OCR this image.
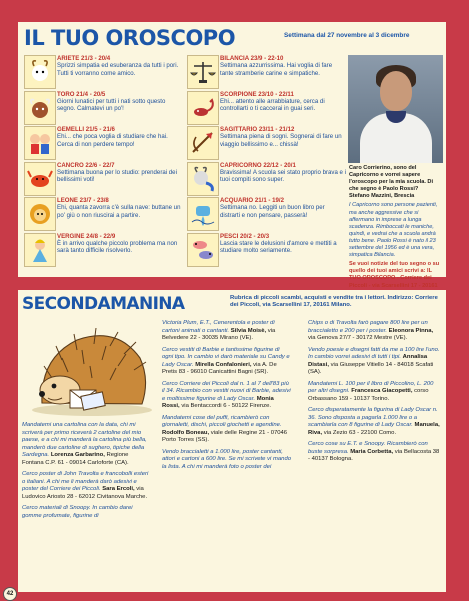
IL TUO OROSCOPO	Settimana dal 27 novembre al 3 dicembre
ARIETE 21/3 - 20/4
Sprizzi simpatia ed esuberanza da tutti i pori. Tutti ti vorranno come amico.
TORO 21/4 - 20/5
Giorni lunatici per tutti i nati sotto questo segno. Calmatevi un po'!
GEMELLI 21/5 - 21/6
Ehi... che poca voglia di studiare che hai. Cerca di non perdere tempo!
CANCRO 22/6 - 22/7
Settimana buona per lo studio: prenderai dei bellissimi voti!
LEONE 23/7 - 23/8
Ehi, quanta zavorra c'è sulla nave: buttane un po' giù o non riuscirai a partire.
VERGINE 24/8 - 22/9
È in arrivo qualche piccolo problema ma non sarà tanto difficile risolverlo.
BILANCIA 23/9 - 22-10
Settimana azzurrissima. Hai voglia di fare tante stramberie carine e simpatiche.
SCORPIONE 23/10 - 22/11
Ehi... attento alle arrabbiature, cerca di controllarti o ti caccerai in guai seri.
SAGITTARIO 23/11 - 21/12
Settimana piena di sogni. Sognerai di fare un viaggio bellissimo e... chissà!
CAPRICORNO 22/12 - 20/1
Bravissima! A scuola sei stato proprio brava e i tuoi compiti sono super.
ACQUARIO 21/1 - 19/2
Settimana no. Leggiti un buon libro per distrarti e non pensare, passerà!
PESCI 20/2 - 20/3
Lascia stare le delusioni d'amore e mettiti a studiare molto seriamente.
Caro Corrierino, sono del Capricorno e vorrei sapere l'oroscopo per la mia scuola. Di che segno è Paolo Rossi?
Stefano Mazzini, Brescia
I Capricorno sono persone pazienti, ma anche aggressive che si affermano in imprese a lunga scadenza. Rimboccati le maniche, quindi, e vedrai che a scuola andrà tutto bene. Paolo Rossi è nato il 23 settembre del 1956 ed è una vera, simpatica Bilancia.
Se vuoi notizie del tuo segno o su quello dei tuoi amici scrivi a: IL TUO OROSCOPO - Corriere dei Piccoli - via Scarsellini 17 - 20161
SECONDAMANINA	Rubrica di piccoli scambi, acquisti e vendite tra i lettori. Indirizzo: Corriere dei Piccoli, via Scarsellini 17, 20161 Milano.
Mandatemi una cartolina con la data, chi mi scriverà per primo riceverà 2 cartoline del mio paese, e a chi mi manderà la cartolina più bella, manderò due cartoline di sughero, tipiche della Sardegna. Lorenza Garbarino, Regione Fontana C.P. 61 - 09014 Carloforte (CA).
Cerco poster di John Travolta e francobolli esteri o italiani. A chi me li manderà darò adesivi e poster del Corriere dei Piccoli. Sara Ercoli, via Ludovico Ariosto 28 - 62012 Civitanova Marche.
Cerco materiali di Snoopy. In cambio darei gomme profumate, figurine di
Victoria Plum, E.T., Cenerentola e poster di cartoni animati o cantanti. Silvia Moisè, via Belvedere 22 - 30035 Mirano (VE).
Cerco vestiti di Barbie e tantissime figurine di ogni tipo. In cambio vi darò materiale su Candy e Lady Oscar. Mirella Confalonieri, via A. De Pretis 83 - 96010 Canicattini Bagni (SR).
Cerco Corriere dei Piccoli dal n. 1 al 7 dell'83 più il 34. Ricambio con vestiti nuovi di Barbie, adesivi e moltissime figurine di Lady Oscar. Monia Rossi, via Bentaccordi 6 - 50122 Firenze.
Mandatemi cose del puffi, ricambierò con giornaletti, dischi, piccoli giochetti e agendine. Rodolfo Boneau, viale delle Regine 21 - 07046 Porto Torres (SS).
Vendo braccialetti a 1.000 lire, poster cantanti, attori e cartoni a 600 lire. Se mi scrivete vi mando la lista. A chi mi manderà foto o poster dei
Chips o di Travolta farò pagare 800 lire per un braccialetto e 200 per i poster. Eleonora Pinna, via Genova 27/7 - 30172 Mestre (VE).
Vendo poesie e disegni fatti da me a 100 lire l'uno. In cambio vorrei adesivi di tutti i tipi. Annalisa Distasi, via Giuseppe Vitiello 14 - 84018 Scafati (SA).
Mandatemi L. 100 per il libro di Piccolino, L. 200 per altri disegni. Francesca Giacopetti, corso Orbassano 159 - 10137 Torino.
Cerco disperatamente la figurina di Lady Oscar n. 36. Sono disposta a pagarla 1.000 lire o a scambiarla con 8 figurine di Lady Oscar. Manuela, Riva, via Zezio 63 - 22100 Como.
Cerco cose su E.T. e Snoopy. Ricambierò con buste sorpresa. Maria Corbetta, via Bellacosta 38 - 40137 Bologna.
42
